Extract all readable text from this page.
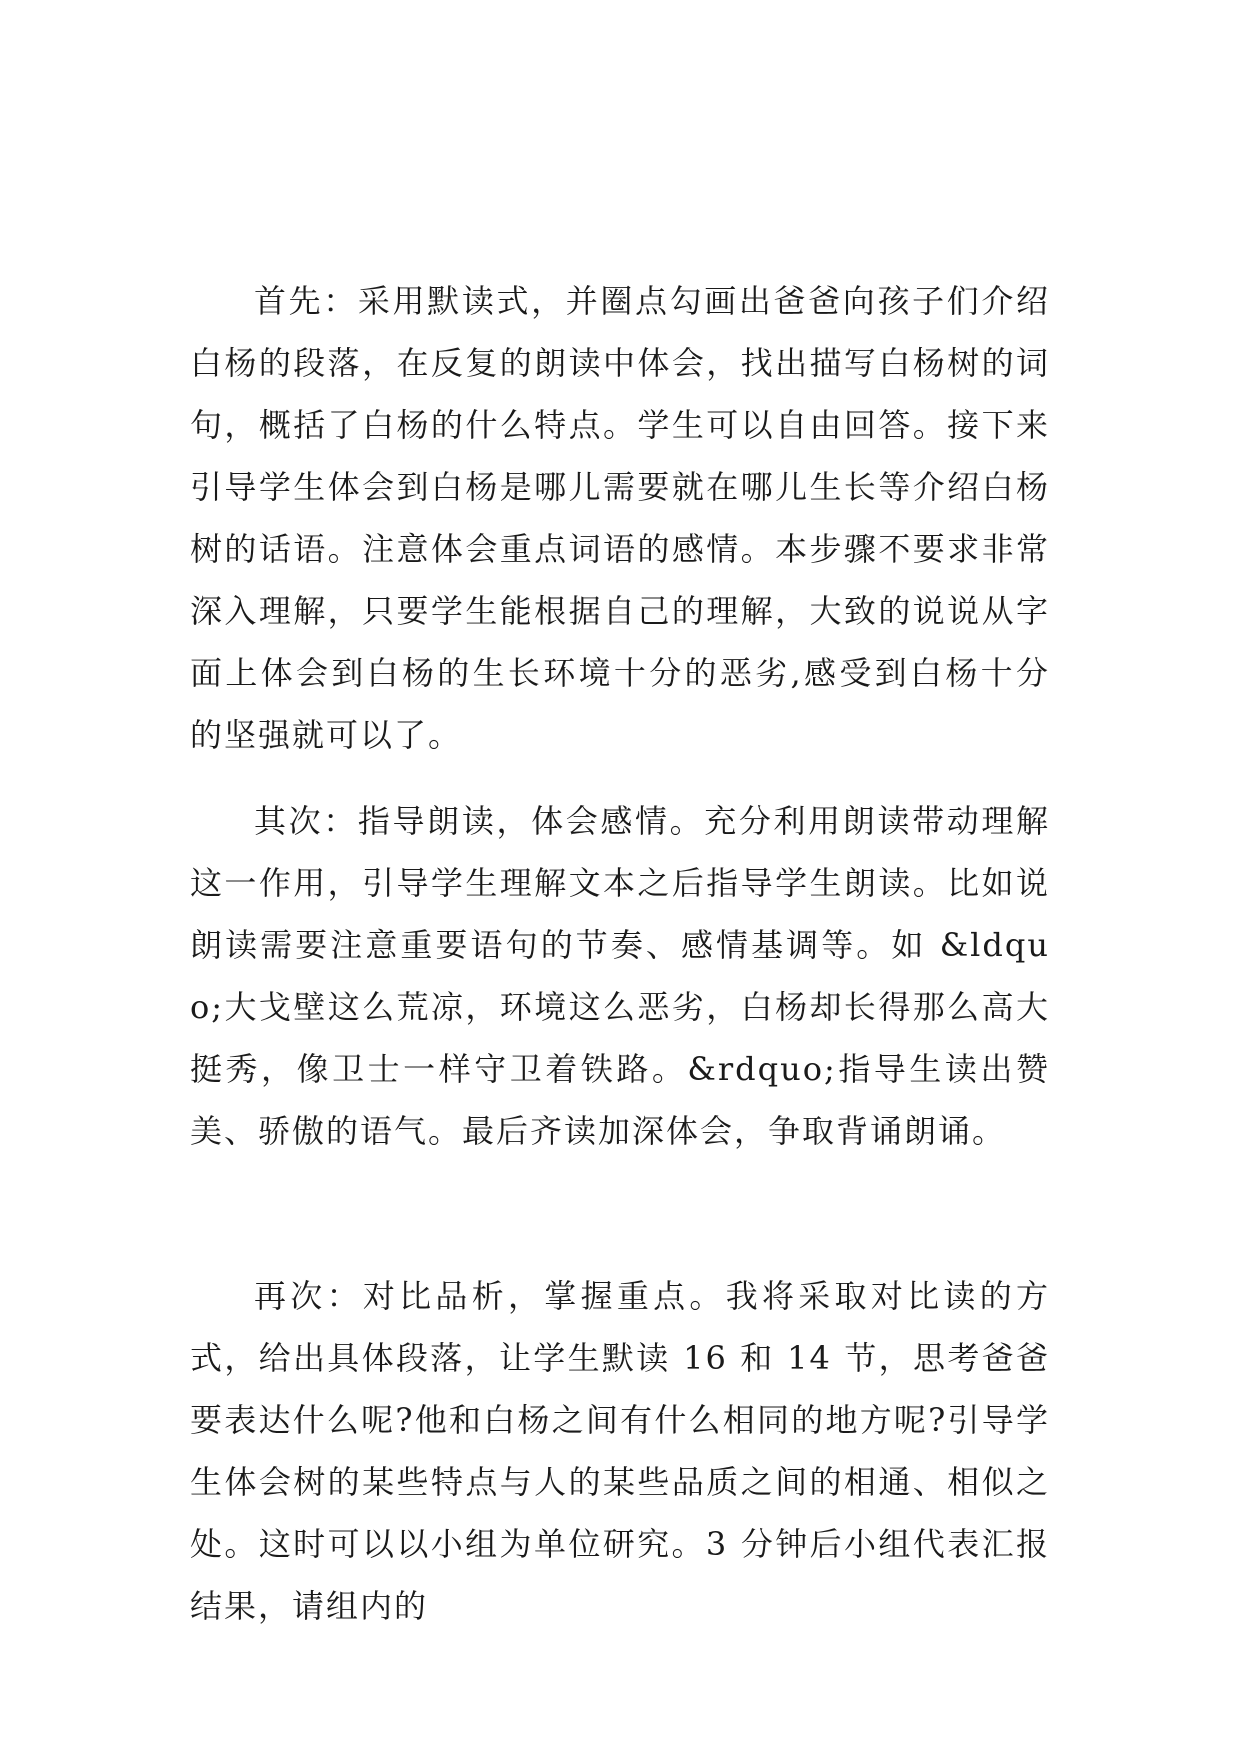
首先：采用默读式，并圈点勾画出爸爸向孩子们介绍白杨的段落，在反复的朗读中体会，找出描写白杨树的词句，概括了白杨的什么特点。学生可以自由回答。接下来引导学生体会到白杨是哪儿需要就在哪儿生长等介绍白杨树的话语。注意体会重点词语的感情。本步骤不要求非常深入理解，只要学生能根据自己的理解，大致的说说从字面上体会到白杨的生长环境十分的恶劣,感受到白杨十分的坚强就可以了。

其次：指导朗读，体会感情。充分利用朗读带动理解这一作用，引导学生理解文本之后指导学生朗读。比如说朗读需要注意重要语句的节奏、感情基调等。如 &ldquo;大戈壁这么荒凉，环境这么恶劣，白杨却长得那么高大挺秀，像卫士一样守卫着铁路。&rdquo;指导生读出赞美、骄傲的语气。最后齐读加深体会，争取背诵朗诵。

再次：对比品析，掌握重点。我将采取对比读的方式，给出具体段落，让学生默读 16 和 14 节，思考爸爸要表达什么呢?他和白杨之间有什么相同的地方呢?引导学生体会树的某些特点与人的某些品质之间的相通、相似之处。这时可以以小组为单位研究。3 分钟后小组代表汇报结果，请组内的
